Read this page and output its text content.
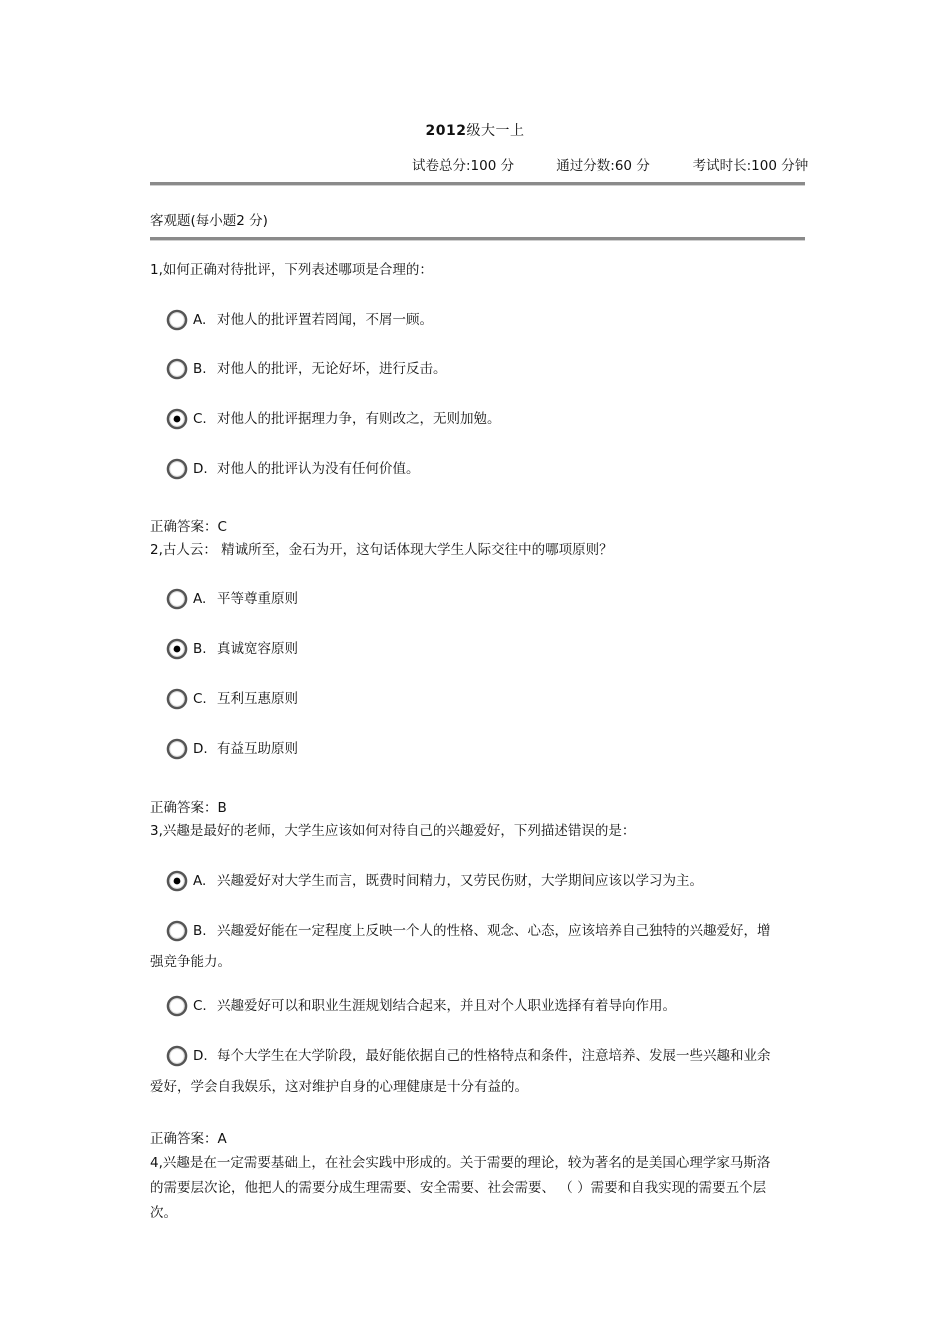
2012级大一上
试卷总分:100 分	通过分数:60 分	考试时长:100 分钟
客观题(每小题2 分)
1,如何正确对待批评，下列表述哪项是合理的：
A. 对他人的批评置若罔闻，不屑一顾。
B. 对他人的批评，无论好坏，进行反击。
C. 对他人的批评据理力争，有则改之，无则加勉。
D. 对他人的批评认为没有任何价值。
正确答案：C
2,古人云： 精诚所至，金石为开，这句话体现大学生人际交往中的哪项原则？
A. 平等尊重原则
B. 真诚宽容原则
C. 互利互惠原则
D. 有益互助原则
正确答案：B
3,兴趣是最好的老师，大学生应该如何对待自己的兴趣爱好，下列描述错误的是：
A. 兴趣爱好对大学生而言，既费时间精力，又劳民伤财，大学期间应该以学习为主。
B. 兴趣爱好能在一定程度上反映一个人的性格、观念、心态，应该培养自己独特的兴趣爱好，增
强竞争能力。
C. 兴趣爱好可以和职业生涯规划结合起来，并且对个人职业选择有着导向作用。
D. 每个大学生在大学阶段，最好能依据自己的性格特点和条件，注意培养、发展一些兴趣和业余
爱好，学会自我娱乐，这对维护自身的心理健康是十分有益的。
正确答案：A
4,兴趣是在一定需要基础上，在社会实践中形成的。关于需要的理论，较为著名的是美国心理学家马斯洛
的需要层次论，他把人的需要分成生理需要、安全需要、社会需要、 （ ）需要和自我实现的需要五个层
次。
